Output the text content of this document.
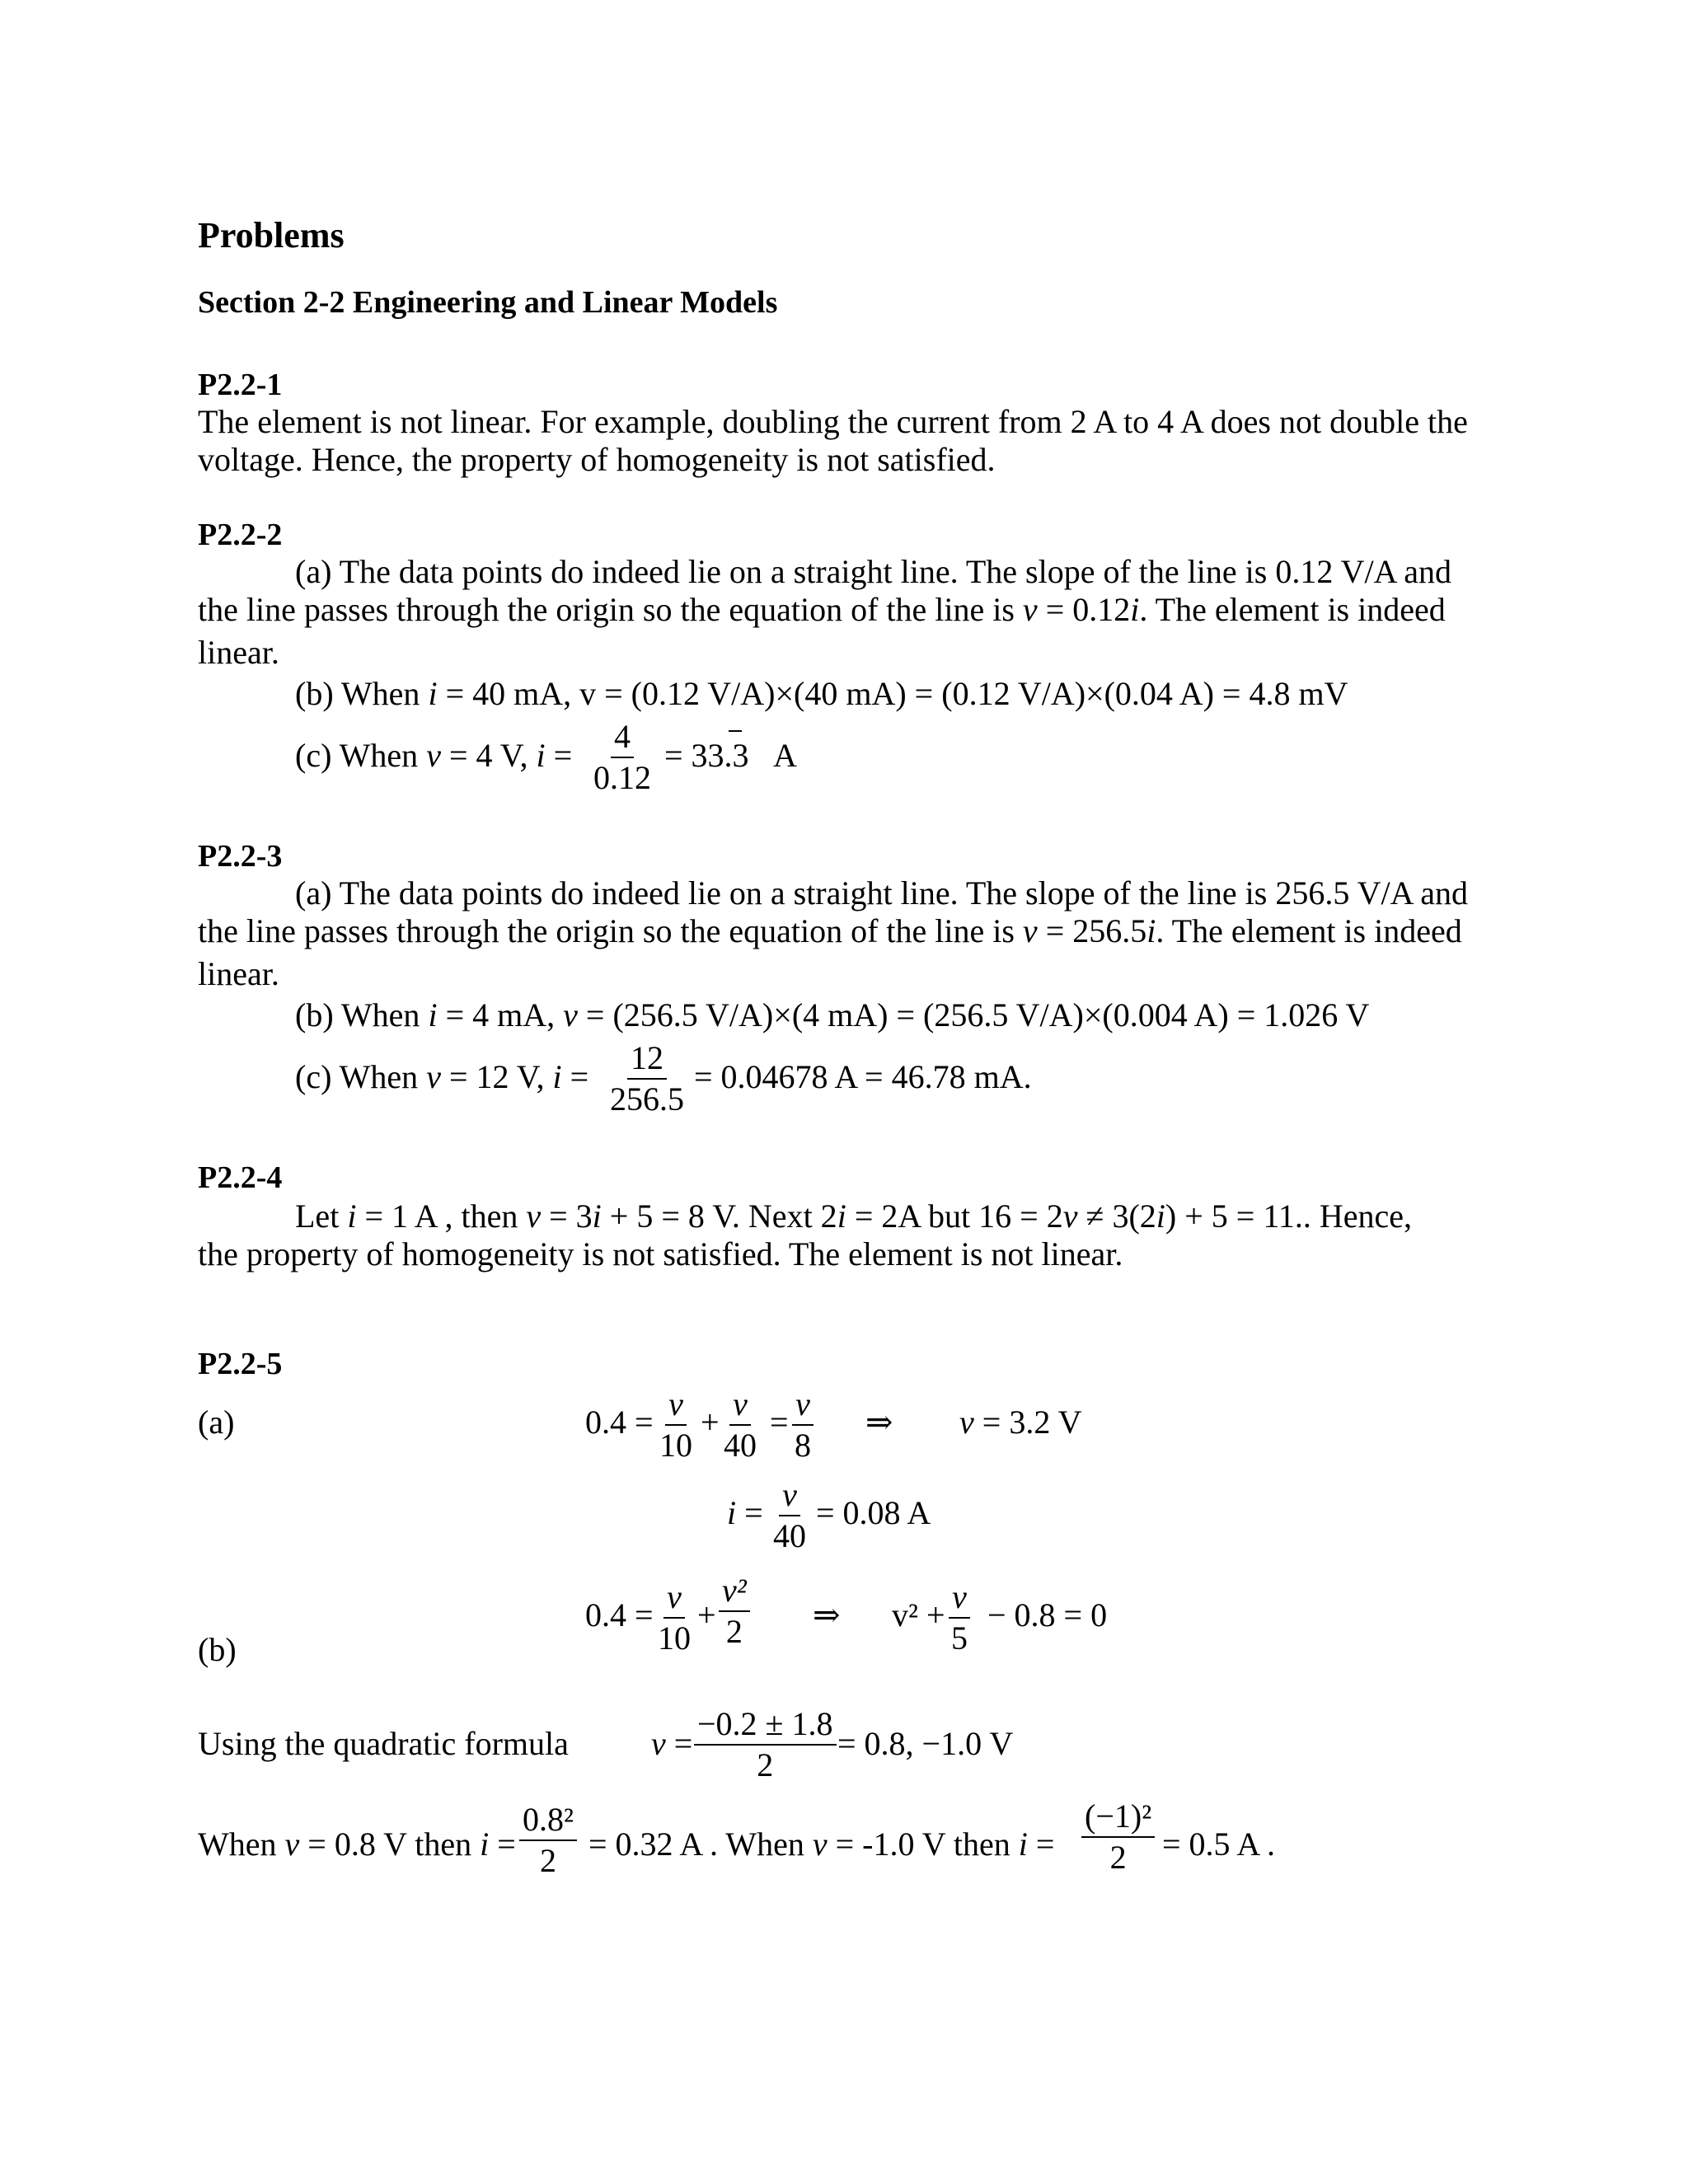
Problems
Section 2-2 Engineering and Linear Models
P2.2-1
The element is not linear. For example, doubling the current from 2 A to 4 A does not double the
voltage. Hence, the property of homogeneity is not satisfied.
P2.2-2
(a) The data points do indeed lie on a straight line. The slope of the line is 0.12 V/A and
the line passes through the origin so the equation of the line is v = 0.12i. The element is indeed
linear.
(b) When i = 40 mA, v = (0.12 V/A)×(40 mA) = (0.12 V/A)×(0.04 A) = 4.8 mV
(c) When v = 4 V, $i = \frac{4}{0.12} = 33.3$ A
P2.2-3
(a) The data points do indeed lie on a straight line. The slope of the line is 256.5 V/A and
the line passes through the origin so the equation of the line is v = 256.5i. The element is indeed
linear.
(b) When i = 4 mA, v = (256.5 V/A)×(4 mA) = (256.5 V/A)×(0.004 A) = 1.026 V
(c) When v = 12 V, $i = \frac{12}{256.5} = 0.04678$ A = 46.78 mA.
P2.2-4
Let i = 1 A , then v = 3i + 5 = 8 V. Next 2i = 2A but 16 = 2v ≠ 3(2i) + 5 = 11.. Hence,
the property of homogeneity is not satisfied. The element is not linear.
P2.2-5
(a)	$0.4 = \frac{v}{10} + \frac{v}{40} = \frac{v}{8}$ ⇒ v = 3.2 V
$i = \frac{v}{40} = 0.08$ A
(b)
$0.4 = \frac{v}{10} + \frac{\text{v²}}{2}$ ⇒ $v^2 + \frac{v}{5} - 0.8 = 0$
Using the quadratic formula	$v = \frac{-0.2 \pm 1.8}{2} = 0.8$, −1.0 V
When v = 0.8 V then $i = \frac{\text{0.8²}}{2} = 0.32$ A . When v = -1.0 V then $i = \frac{\text{(−1)²}}{2} = 0.5$ A .
